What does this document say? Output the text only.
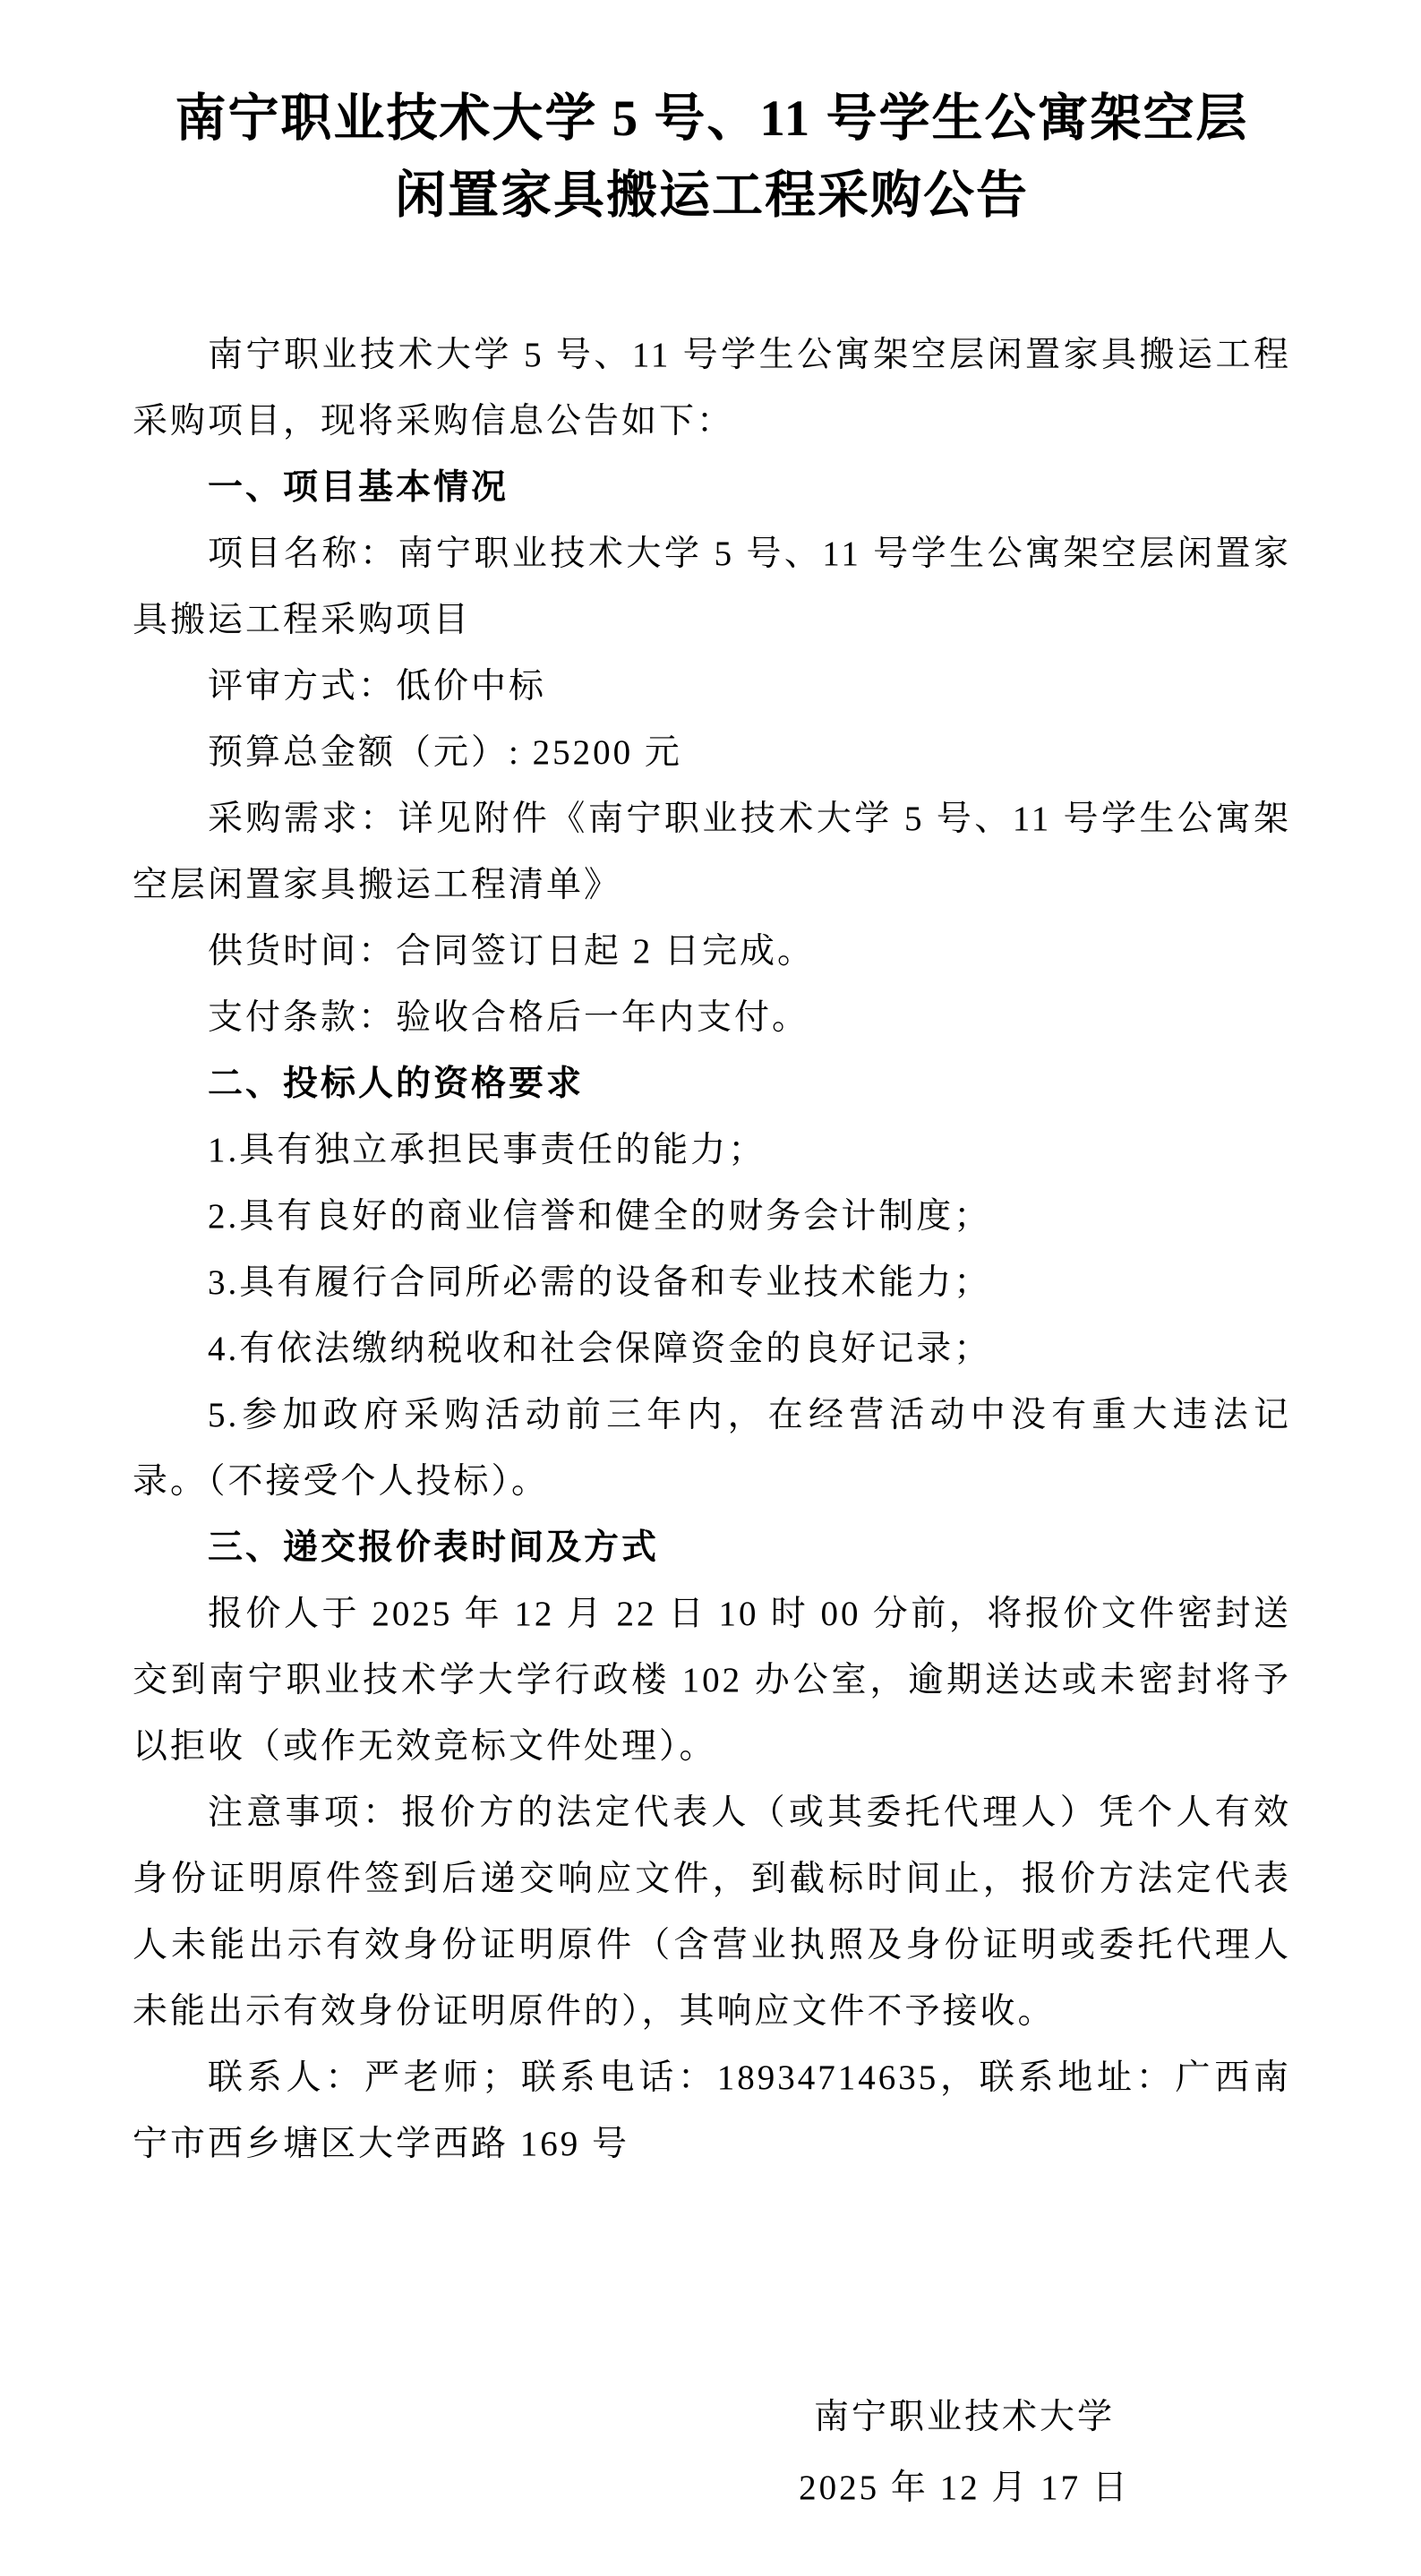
南宁职业技术大学 5 号、11 号学生公寓架空层
闲置家具搬运工程采购公告

南宁职业技术大学 5 号、11 号学生公寓架空层闲置家具搬运工程采购项目，现将采购信息公告如下：

一、项目基本情况

项目名称：南宁职业技术大学 5 号、11 号学生公寓架空层闲置家具搬运工程采购项目

评审方式：低价中标

预算总金额（元）: 25200 元

采购需求：详见附件《南宁职业技术大学 5 号、11 号学生公寓架空层闲置家具搬运工程清单》

供货时间：合同签订日起 2 日完成。

支付条款：验收合格后一年内支付。

二、投标人的资格要求

1.具有独立承担民事责任的能力；

2.具有良好的商业信誉和健全的财务会计制度；

3.具有履行合同所必需的设备和专业技术能力；

4.有依法缴纳税收和社会保障资金的良好记录；

5.参加政府采购活动前三年内，在经营活动中没有重大违法记录。（不接受个人投标）。

三、递交报价表时间及方式

报价人于 2025 年 12 月 22 日 10 时 00 分前，将报价文件密封送交到南宁职业技术学大学行政楼 102 办公室，逾期送达或未密封将予以拒收（或作无效竞标文件处理）。

注意事项：报价方的法定代表人（或其委托代理人）凭个人有效身份证明原件签到后递交响应文件，到截标时间止，报价方法定代表人未能出示有效身份证明原件（含营业执照及身份证明或委托代理人未能出示有效身份证明原件的），其响应文件不予接收。

联系人：严老师；联系电话：18934714635，联系地址：广西南宁市西乡塘区大学西路 169 号

南宁职业技术大学
2025 年 12 月 17 日
